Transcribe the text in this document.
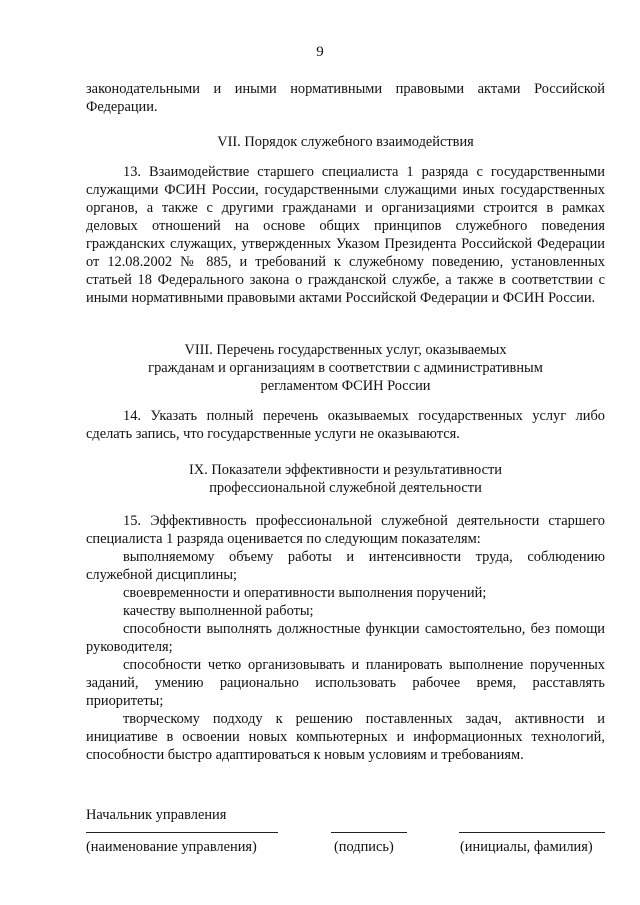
9

законодательными и иными нормативными правовыми актами Российской Федерации.

VII. Порядок служебного взаимодействия

13. Взаимодействие старшего специалиста 1 разряда с государственными служащими ФСИН России, государственными служащими иных государственных органов, а также с другими гражданами и организациями строится в рамках деловых отношений на основе общих принципов служебного поведения гражданских служащих, утвержденных Указом Президента Российской Федерации от 12.08.2002 № 885, и требований к служебному поведению, установленных статьей 18 Федерального закона о гражданской службе, а также в соответствии с иными нормативными правовыми актами Российской Федерации и ФСИН России.

VIII. Перечень государственных услуг, оказываемых

гражданам и организациям в соответствии с административным

регламентом ФСИН России

14. Указать полный перечень оказываемых государственных услуг либо сделать запись, что государственные услуги не оказываются.

IX. Показатели эффективности и результативности

профессиональной служебной деятельности

15. Эффективность профессиональной служебной деятельности старшего специалиста 1 разряда оценивается по следующим показателям:

выполняемому объему работы и интенсивности труда, соблюдению служебной дисциплины;

своевременности и оперативности выполнения поручений;

качеству выполненной работы;

способности выполнять должностные функции самостоятельно, без помощи руководителя;

способности четко организовывать и планировать выполнение порученных заданий, умению рационально использовать рабочее время, расставлять приоритеты;

творческому подходу к решению поставленных задач, активности и инициативе в освоении новых компьютерных и информационных технологий, способности быстро адаптироваться к новым условиям и требованиям.

Начальник управления

(наименование управления)	(подпись)	(инициалы, фамилия)
